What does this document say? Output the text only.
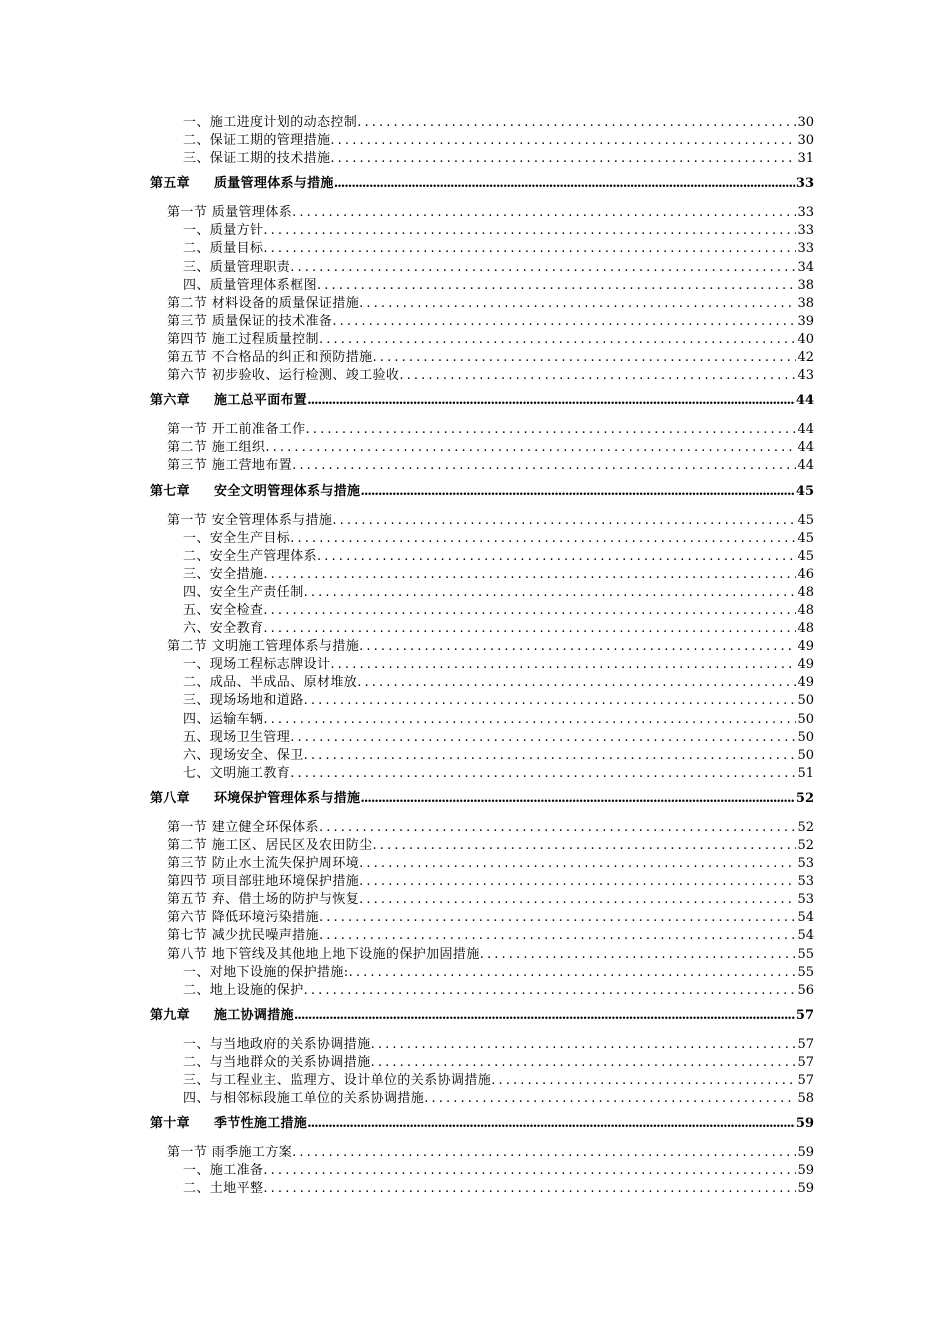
一、施工进度计划的动态控制 . . .	30
二、保证工期的管理措施 . . .	30
三、保证工期的技术措施 . . .	31
第五章 质量管理体系与措施 .....	33
第一节 质量管理体系 . . .	33
一、质量方针 . . .	33
二、质量目标 . . .	33
三、质量管理职责 . . .	34
四、质量管理体系框图 . . .	38
第二节 材料设备的质量保证措施 . . .	38
第三节 质量保证的技术准备 . . .	39
第四节 施工过程质量控制 . . .	40
第五节 不合格品的纠正和预防措施 . . .	42
第六节 初步验收、运行检测、竣工验收 . . .	43
第六章 施工总平面布置 .....	44
第一节 开工前准备工作 . . .	44
第二节 施工组织 . . .	44
第三节 施工营地布置 . . .	44
第七章 安全文明管理体系与措施 .....	45
第一节 安全管理体系与措施 . . .	45
一、安全生产目标 . . .	45
二、安全生产管理体系 . . .	45
三、安全措施 . . .	46
四、安全生产责任制 . . .	48
五、安全检查 . . .	48
六、安全教育 . . .	48
第二节 文明施工管理体系与措施 . . .	49
一、现场工程标志牌设计 . . .	49
二、成品、半成品、原材堆放 . . .	49
三、现场场地和道路 . . .	50
四、运输车辆 . . .	50
五、现场卫生管理 . . .	50
六、现场安全、保卫 . . .	50
七、文明施工教育 . . .	51
第八章 环境保护管理体系与措施 .....	52
第一节 建立健全环保体系 . . .	52
第二节 施工区、居民区及农田防尘 . . .	52
第三节 防止水土流失保护周环境 . . .	53
第四节 项目部驻地环境保护措施 . . .	53
第五节 弃、借土场的防护与恢复 . . .	53
第六节 降低环境污染措施 . . .	54
第七节 减少扰民噪声措施 . . .	54
第八节 地下管线及其他地上地下设施的保护加固措施 . . .	55
一、对地下设施的保护措施: . . .	55
二、地上设施的保护 . . .	56
第九章 施工协调措施 .....	57
一、与当地政府的关系协调措施 . . .	57
二、与当地群众的关系协调措施 . . .	57
三、与工程业主、监理方、设计单位的关系协调措施 . . .	57
四、与相邻标段施工单位的关系协调措施 . . .	58
第十章 季节性施工措施 .....	59
第一节 雨季施工方案 . . .	59
一、施工准备 . . .	59
二、土地平整 . . .	59
